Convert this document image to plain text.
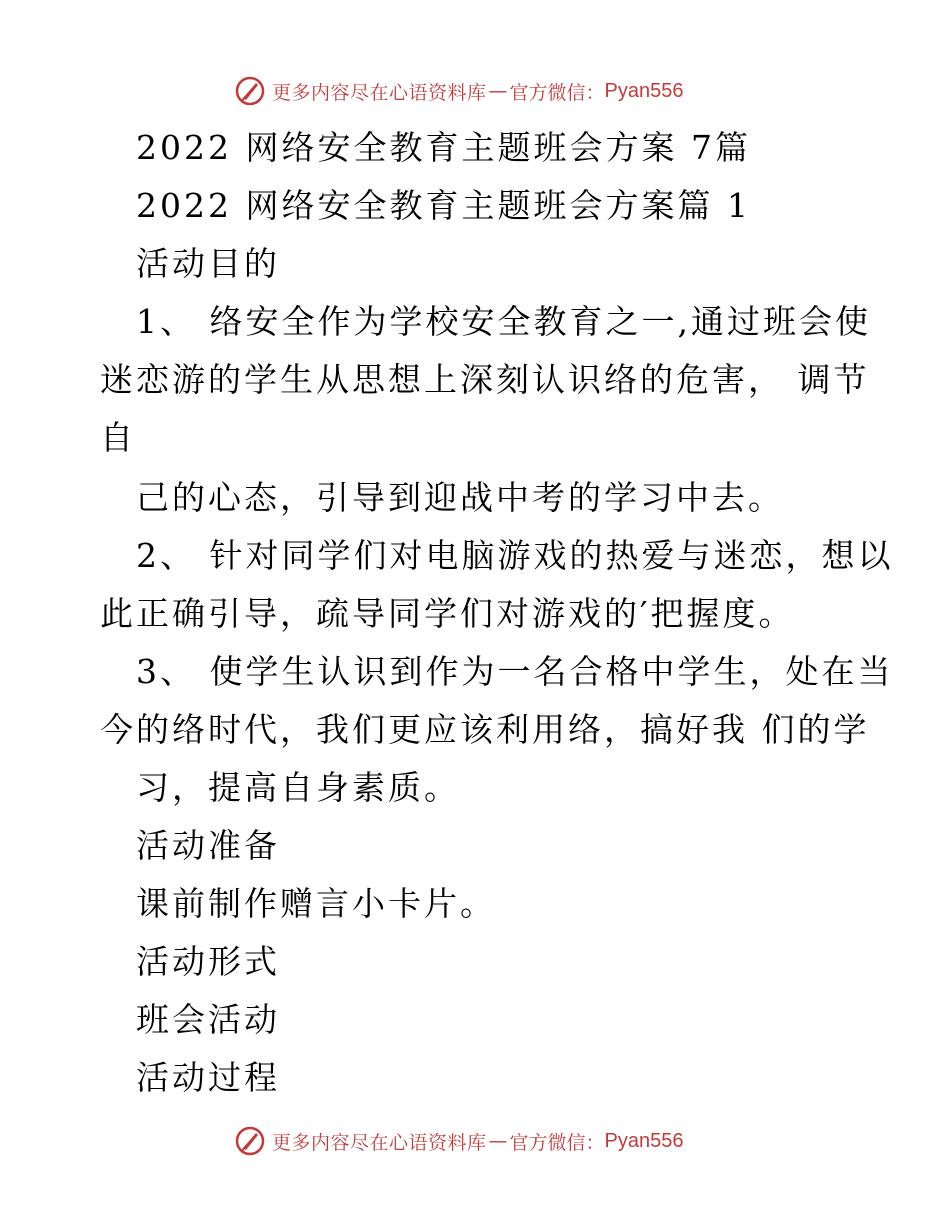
更多内容尽在心语资料库 — 官方微信： Pyan556
2022 网络安全教育主题班会方案 7篇
2022 网络安全教育主题班会方案篇 1
活动目的
1、 络安全作为学校安全教育之一,通过班会使
迷恋游的学生从思想上深刻认识络的危害， 调节
自
己的心态，引导到迎战中考的学习中去。
2、 针对同学们对电脑游戏的热爱与迷恋，想以
此正确引导，疏导同学们对游戏的′把握度。
3、 使学生认识到作为一名合格中学生，处在当
今的络时代，我们更应该利用络，搞好我 们的学
习，提高自身素质。
活动准备
课前制作赠言小卡片。
活动形式
班会活动
活动过程
更多内容尽在心语资料库 — 官方微信： Pyan556
